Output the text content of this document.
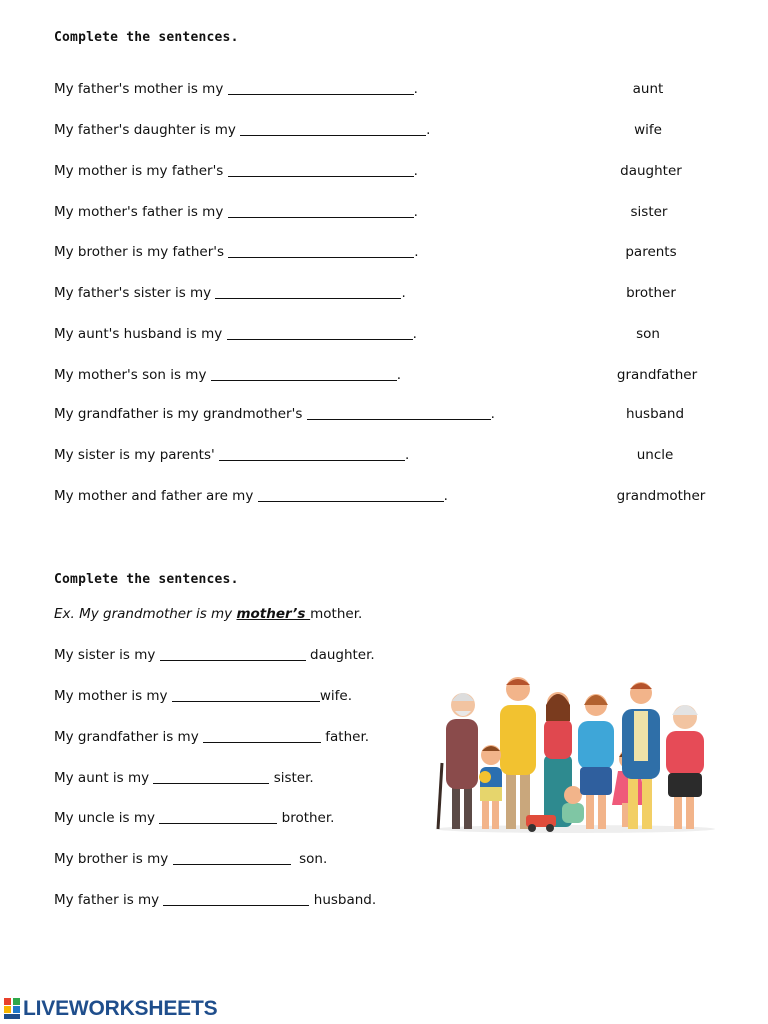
Complete the sentences.
My father's mother is my	.
My father's daughter is my	.
My mother is my father's	.
My mother's father is my	.
My brother is my father's	.
My father's sister is my	.
My aunt's husband is my	.
My mother's son is my	.
My grandfather is my grandmother's	.
My sister is my parents'	.
My mother and father are my	.
aunt
wife
daughter
sister
parents
brother
son
grandfather
husband
uncle
grandmother
Complete the sentences.
Ex. My grandmother is my mother’s mother.
My sister is my	daughter.
My mother is my	wife.
My grandfather is my	father.
My aunt is my	sister.
My uncle is my	brother.
My brother is my	son.
My father is my	husband.
LIVEWORKSHEETS
